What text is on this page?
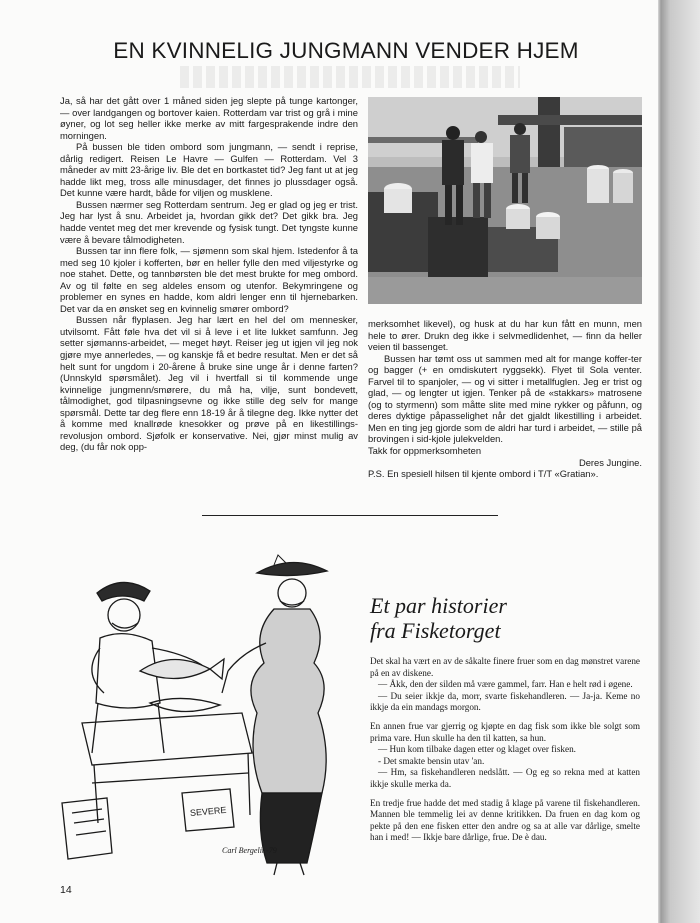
EN KVINNELIG JUNGMANN VENDER HJEM

Ja, så har det gått over 1 måned siden jeg slepte på tunge kartonger, — over landgangen og bortover kaien. Rotterdam var trist og grå i mine øyner, og lot seg heller ikke merke av mitt fargesprakende indre den morningen.

På bussen ble tiden ombord som jungmann, — sendt i reprise, dårlig redigert. Reisen Le Havre — Gulfen — Rotterdam. Vel 3 måneder av mitt 23-årige liv. Ble det en bortkastet tid? Jeg fant ut at jeg hadde likt meg, tross alle minusdager, det finnes jo plussdager også. Det kunne være hardt, både for viljen og musklene.

Bussen nærmer seg Rotterdam sentrum. Jeg er glad og jeg er trist. Jeg har lyst å snu. Arbeidet ja, hvordan gikk det? Det gikk bra. Jeg hadde ventet meg det mer krevende og fysisk tungt. Det tyngste kunne være å bevare tålmodigheten.

Bussen tar inn flere folk, — sjømenn som skal hjem. Istedenfor å ta med seg 10 kjoler i kofferten, bør en heller fylle den med viljestyrke og noe stahet. Dette, og tannbørsten ble det mest brukte for meg ombord. Av og til følte en seg aldeles ensom og utenfor. Bekymringene og problemer en synes en hadde, kom aldri lenger enn til hjernebarken. Det var da en ønsket seg en kvinnelig smører ombord?

Bussen når flyplasen. Jeg har lært en hel del om mennesker, utvilsomt. Fått føle hva det vil si å leve i et lite lukket samfunn. Jeg setter sjømanns-arbeidet, — meget høyt. Reiser jeg ut igjen vil jeg nok gjøre mye annerledes, — og kanskje få et bedre resultat. Men er det så helt sunt for ungdom i 20-årene å bruke sine unge år i denne farten? (Unnskyld spørsmålet). Jeg vil i hvertfall si til kommende unge kvinnelige jungmenn/smørere, du må ha, vilje, sunt bondevett, tålmodighet, god tilpasningsevne og ikke stille deg selv for mange spørsmål. Dette tar deg flere enn 18-19 år å tilegne deg. Ikke nytter det å komme med knallrøde knesokker og prøve på en likestillings-revolusjon ombord. Sjøfolk er konservative. Nei, gjør minst mulig av deg, (du får nok opp-

merksomhet likevel), og husk at du har kun fått en munn, men hele to ører. Drukn deg ikke i selvmedlidenhet, — finn da heller veien til bassenget.

Bussen har tømt oss ut sammen med alt for mange koffer-ter og bagger (+ en omdiskutert ryggsekk). Flyet til Sola venter. Farvel til to spanjoler, — og vi sitter i metallfuglen. Jeg er trist og glad, — og lengter ut igjen. Tenker på de «stakkars» matrosene (og to styrmenn) som måtte slite med mine rykker og påfunn, og deres dyktige påpasselighet når det gjaldt likestilling i arbeidet. Men en ting jeg gjorde som de aldri har turd i arbeidet, — stille på brovingen i sid-kjole julekvelden.

Takk for oppmerksomheten

Deres Jungine.

P.S. En spesiell hilsen til kjente ombord i T/T «Gratian».

SEVERE
Carl Bergelit -79
Et par historier
fra Fisketorget

Det skal ha vært en av de såkalte finere fruer som en dag mønstret varene på en av diskene.

— Åkk, den der silden må være gammel, farr. Han e helt rød i øgene.

— Du seier ikkje da, morr, svarte fiskehandleren. — Ja-ja. Keme no ikkje da ein mandags morgon.

En annen frue var gjerrig og kjøpte en dag fisk som ikke ble solgt som prima vare. Hun skulle ha den til katten, sa hun.

— Hun kom tilbake dagen etter og klaget over fisken.

- Det smakte bensin utav 'an.

— Hm, sa fiskehandleren nedslått. — Og eg so rekna med at katten ikkje skulle merka da.

En tredje frue hadde det med stadig å klage på varene til fiskehandleren. Mannen ble temmelig lei av denne kritikken. Da fruen en dag kom og pekte på den ene fisken etter den andre og sa at alle var dårlige, smelte han i med! — Ikkje bare dårlige, frue. De è dau.

14
